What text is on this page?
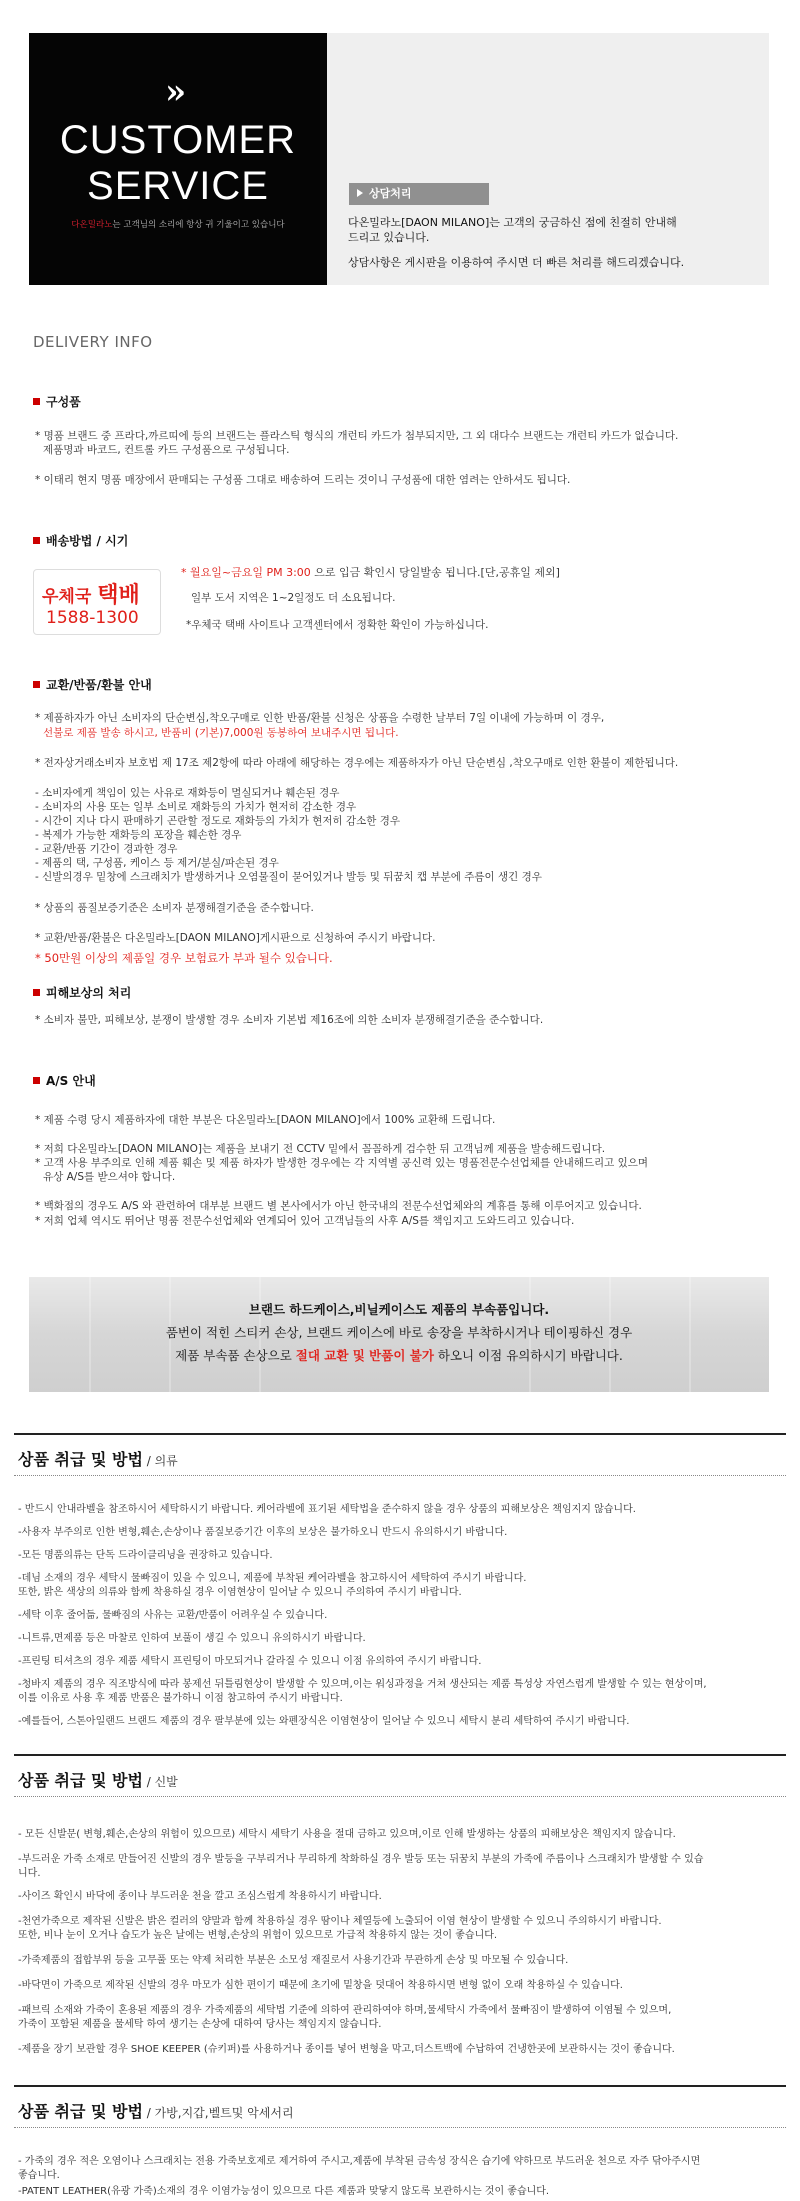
»
CUSTOMER
SERVICE
다온밀라노는 고객님의 소리에 항상 귀 기울이고 있습니다
상담처리
다온밀라노[DAON MILANO]는 고객의 궁금하신 점에 친절히 안내해
드리고 있습니다.
상담사항은 게시판을 이용하여 주시면 더 빠른 처리를 해드리겠습니다.
DELIVERY INFO
구성품
* 명품 브랜드 중 프라다,까르띠에 등의 브랜드는 플라스틱 형식의 개런티 카드가 첨부되지만, 그 외 대다수 브랜드는 개런티 카드가 없습니다.
제품명과 바코드, 컨트롤 카드 구성품으로 구성됩니다.
* 이태리 현지 명품 매장에서 판매되는 구성품 그대로 배송하여 드리는 것이니 구성품에 대한 염려는 안하셔도 됩니다.
배송방법 / 시기
우체국 택배
1588-1300
* 월요일~금요일 PM 3:00 으로 입금 확인시 당일발송 됩니다.[단,공휴일 제외]
일부 도서 지역은 1~2일정도 더 소요됩니다.
*우체국 택배 사이트나 고객센터에서 정확한 확인이 가능하십니다.
교환/반품/환불 안내
* 제품하자가 아닌 소비자의 단순변심,착오구매로 인한 반품/환불 신청은 상품을 수령한 날부터 7일 이내에 가능하며 이 경우,
선불로 제품 발송 하시고, 반품비 (기본)7,000원 동봉하여 보내주시면 됩니다.
* 전자상거래소비자 보호법 제 17조 제2항에 따라 아래에 해당하는 경우에는 제품하자가 아닌 단순변심 ,착오구매로 인한 환불이 제한됩니다.
- 소비자에게 책임이 있는 사유로 재화등이 멸실되거나 훼손된 경우
- 소비자의 사용 또는 일부 소비로 재화등의 가치가 현저히 감소한 경우
- 시간이 지나 다시 판매하기 곤란할 정도로 재화등의 가치가 현저히 감소한 경우
- 복제가 가능한 재화등의 포장을 훼손한 경우
- 교환/반품 기간이 경과한 경우
- 제품의 택, 구성품, 케이스 등 제거/분실/파손된 경우
- 신발의경우 밑창에 스크래치가 발생하거나 오염물질이 묻어있거나 발등 및 뒤꿈치 캡 부분에 주름이 생긴 경우
* 상품의 품질보증기준은 소비자 분쟁해결기준을 준수합니다.
* 교환/반품/환불은 다온밀라노[DAON MILANO]게시판으로 신청하여 주시기 바랍니다.
* 50만원 이상의 제품일 경우 보험료가 부과 될수 있습니다.
피해보상의 처리
* 소비자 불만, 피해보상, 분쟁이 발생할 경우 소비자 기본법 제16조에 의한 소비자 분쟁해결기준을 준수합니다.
A/S 안내
* 제품 수령 당시 제품하자에 대한 부분은 다온밀라노[DAON MILANO]에서 100% 교환해 드립니다.
* 저희 다온밀라노[DAON MILANO]는 제품을 보내기 전 CCTV 밑에서 꼼꼼하게 검수한 뒤 고객님께 제품을 발송해드립니다.
* 고객 사용 부주의로 인해 제품 훼손 및 제품 하자가 발생한 경우에는 각 지역별 공신력 있는 명품전문수선업체를 안내해드리고 있으며
유상 A/S를 받으셔야 합니다.
* 백화점의 경우도 A/S 와 관련하여 대부분 브랜드 별 본사에서가 아닌 한국내의 전문수선업체와의 계휴를 통해 이루어지고 있습니다.
* 저희 업체 역시도 뛰어난 명품 전문수선업체와 연계되어 있어 고객님들의 사후 A/S를 책임지고 도와드리고 있습니다.
브랜드 하드케이스,비닐케이스도 제품의 부속품입니다.
품번이 적힌 스티커 손상, 브랜드 케이스에 바로 송장을 부착하시거나 테이핑하신 경우
제품 부속품 손상으로 절대 교환 및 반품이 불가 하오니 이점 유의하시기 바랍니다.
상품 취급 및 방법 / 의류
- 반드시 안내라벨을 참조하시어 세탁하시기 바랍니다. 케어라벨에 표기된 세탁법을 준수하지 않을 경우 상품의 피해보상은 책임지지 않습니다.
-사용자 부주의로 인한 변형,훼손,손상이나 품질보증기간 이후의 보상은 불가하오니 반드시 유의하시기 바랍니다.
-모든 명품의류는 단독 드라이클리닝을 권장하고 있습니다.
-데님 소재의 경우 세탁시 물빠짐이 있을 수 있으니, 제품에 부착된 케어라벨을 참고하시어 세탁하여 주시기 바랍니다.
또한, 밝은 색상의 의류와 함께 착용하실 경우 이염현상이 일어날 수 있으니 주의하여 주시기 바랍니다.
-세탁 이후 줄어듦, 물빠짐의 사유는 교환/반품이 어려우실 수 있습니다.
-니트류,면제품 등은 마찰로 인하여 보풀이 생길 수 있으니 유의하시기 바랍니다.
-프린팅 티셔츠의 경우 제품 세탁시 프린팅이 마모되거나 갈라질 수 있으니 이점 유의하여 주시기 바랍니다.
-청바지 제품의 경우 직조방식에 따라 봉제선 뒤틀림현상이 발생할 수 있으며,이는 워싱과정을 거쳐 생산되는 제품 특성상 자연스럽게 발생할 수 있는 현상이며,
이를 이유로 사용 후 제품 반품은 불가하니 이점 참고하여 주시기 바랍니다.
-예를들어, 스톤아일랜드 브랜드 제품의 경우 팔부분에 있는 와펜장식은 이염현상이 일어날 수 있으니 세탁시 분리 세탁하여 주시기 바랍니다.
상품 취급 및 방법 / 신발
- 모든 신발문( 변형,훼손,손상의 위험이 있으므로) 세탁시 세탁기 사용을 절대 금하고 있으며,이로 인해 발생하는 상품의 피해보상은 책임지지 않습니다.
-부드러운 가죽 소재로 만들어진 신발의 경우 발등을 구부리거나 무리하게 착화하실 경우 발등 또는 뒤꿈치 부분의 가죽에 주름이나 스크래치가 발생할 수 있습
니다.
-사이즈 확인시 바닥에 종이나 부드러운 천을 깔고 조심스럽게 착용하시기 바랍니다.
-천연가죽으로 제작된 신발은 밝은 컬러의 양말과 함께 착용하실 경우 땀이나 체열등에 노출되어 이염 현상이 발생할 수 있으니 주의하시기 바랍니다.
또한, 비나 눈이 오거나 습도가 높은 날에는 변형,손상의 위험이 있으므로 가급적 착용하지 않는 것이 좋습니다.
-가죽제품의 접합부위 등을 고무풀 또는 약제 처리한 부분은 소모성 재질로서 사용기간과 무관하게 손상 및 마모될 수 있습니다.
-바닥면이 가죽으로 제작된 신발의 경우 마모가 심한 편이기 때문에 초기에 밑창을 덧대어 착용하시면 변형 없이 오래 착용하실 수 있습니다.
-패브릭 소재와 가죽이 혼용된 제품의 경우 가죽제품의 세탁법 기준에 의하여 관리하여야 하며,물세탁시 가죽에서 물빠짐이 발생하여 이염될 수 있으며,
가죽이 포함된 제품을 물세탁 하여 생기는 손상에 대하여 당사는 책임지지 않습니다.
-제품을 장기 보관할 경우 SHOE KEEPER (슈키퍼)를 사용하거나 종이를 넣어 변형을 막고,더스트백에 수납하여 건냉한곳에 보관하시는 것이 좋습니다.
상품 취급 및 방법 / 가방,지갑,벨트및 악세서리
- 가죽의 경우 적은 오염이나 스크래치는 전용 가죽보호제로 제거하여 주시고,제품에 부착된 금속성 장식은 습기에 약하므로 부드러운 천으로 자주 닦아주시면
좋습니다.
-PATENT LEATHER(유광 가죽)소재의 경우 이염가능성이 있으므로 다른 제품과 맞닿지 않도록 보관하시는 것이 좋습니다.
